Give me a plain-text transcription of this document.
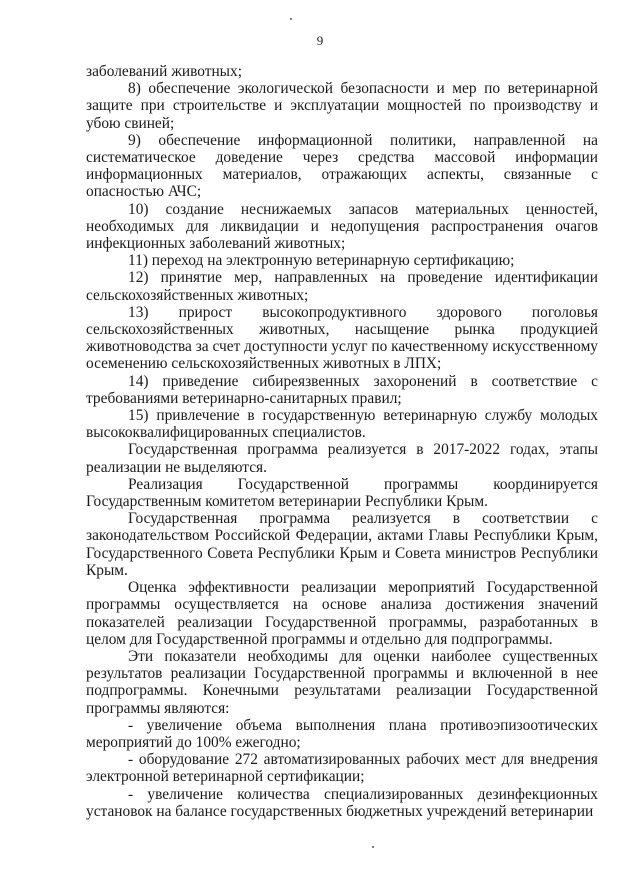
9

заболеваний животных;

8) обеспечение экологической безопасности и мер по ветеринарной защите при строительстве и эксплуатации мощностей по производству и убою свиней;

9) обеспечение информационной политики, направленной на систематическое доведение через средства массовой информации информационных материалов, отражающих аспекты, связанные с опасностью АЧС;

10) создание неснижаемых запасов материальных ценностей, необходимых для ликвидации и недопущения распространения очагов инфекционных заболеваний животных;

11) переход на электронную ветеринарную сертификацию;

12) принятие мер, направленных на проведение идентификации сельскохозяйственных животных;

13) прирост высокопродуктивного здорового поголовья сельскохозяйственных животных, насыщение рынка продукцией животноводства за счет доступности услуг по качественному искусственному осеменению сельскохозяйственных животных в ЛПХ;

14) приведение сибиреязвенных захоронений в соответствие с требованиями ветеринарно-санитарных правил;

15) привлечение в государственную ветеринарную службу молодых высококвалифицированных специалистов.

Государственная программа реализуется в 2017-2022 годах, этапы реализации не выделяются.

Реализация Государственной программы координируется Государственным комитетом ветеринарии Республики Крым.

Государственная программа реализуется в соответствии с законодательством Российской Федерации, актами Главы Республики Крым, Государственного Совета Республики Крым и Совета министров Республики Крым.

Оценка эффективности реализации мероприятий Государственной программы осуществляется на основе анализа достижения значений показателей реализации Государственной программы, разработанных в целом для Государственной программы и отдельно для подпрограммы.

Эти показатели необходимы для оценки наиболее существенных результатов реализации Государственной программы и включенной в нее подпрограммы. Конечными результатами реализации Государственной программы являются:

- увеличение объема выполнения плана противоэпизоотических мероприятий до 100% ежегодно;

- оборудование 272 автоматизированных рабочих мест для внедрения электронной ветеринарной сертификации;

- увеличение количества специализированных дезинфекционных установок на балансе государственных бюджетных учреждений ветеринарии
